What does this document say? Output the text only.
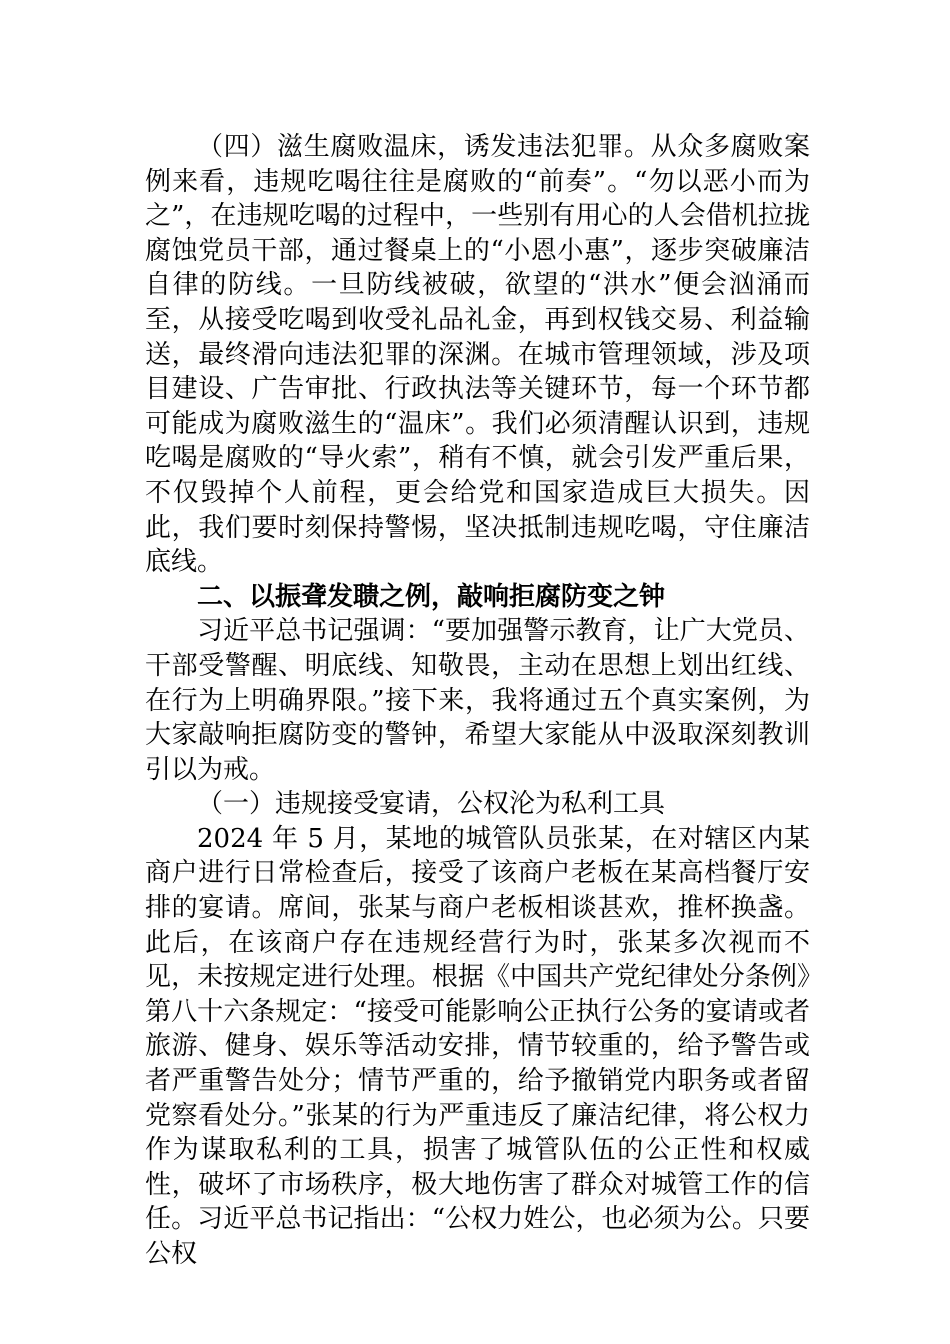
（四）滋生腐败温床，诱发违法犯罪。从众多腐败案例来看，违规吃喝往往是腐败的“前奏”。“勿以恶小而为之”，在违规吃喝的过程中，一些别有用心的人会借机拉拢腐蚀党员干部，通过餐桌上的“小恩小惠”，逐步突破廉洁自律的防线。一旦防线被破，欲望的“洪水”便会汹涌而至，从接受吃喝到收受礼品礼金，再到权钱交易、利益输送，最终滑向违法犯罪的深渊。在城市管理领域，涉及项目建设、广告审批、行政执法等关键环节，每一个环节都可能成为腐败滋生的“温床”。我们必须清醒认识到，违规吃喝是腐败的“导火索”，稍有不慎，就会引发严重后果，不仅毁掉个人前程，更会给党和国家造成巨大损失。因此，我们要时刻保持警惕，坚决抵制违规吃喝，守住廉洁底线。

二、以振聋发聩之例，敲响拒腐防变之钟

习近平总书记强调：“要加强警示教育，让广大党员、干部受警醒、明底线、知敬畏，主动在思想上划出红线、在行为上明确界限。”接下来，我将通过五个真实案例，为大家敲响拒腐防变的警钟，希望大家能从中汲取深刻教训引以为戒。

（一）违规接受宴请，公权沦为私利工具

2024 年 5 月，某地的城管队员张某，在对辖区内某商户进行日常检查后，接受了该商户老板在某高档餐厅安排的宴请。席间，张某与商户老板相谈甚欢，推杯换盏。此后，在该商户存在违规经营行为时，张某多次视而不见，未按规定进行处理。根据《中国共产党纪律处分条例》第八十六条规定：“接受可能影响公正执行公务的宴请或者旅游、健身、娱乐等活动安排，情节较重的，给予警告或者严重警告处分；情节严重的，给予撤销党内职务或者留党察看处分。”张某的行为严重违反了廉洁纪律，将公权力作为谋取私利的工具，损害了城管队伍的公正性和权威性，破坏了市场秩序，极大地伤害了群众对城管工作的信任。习近平总书记指出：“公权力姓公，也必须为公。只要公权
